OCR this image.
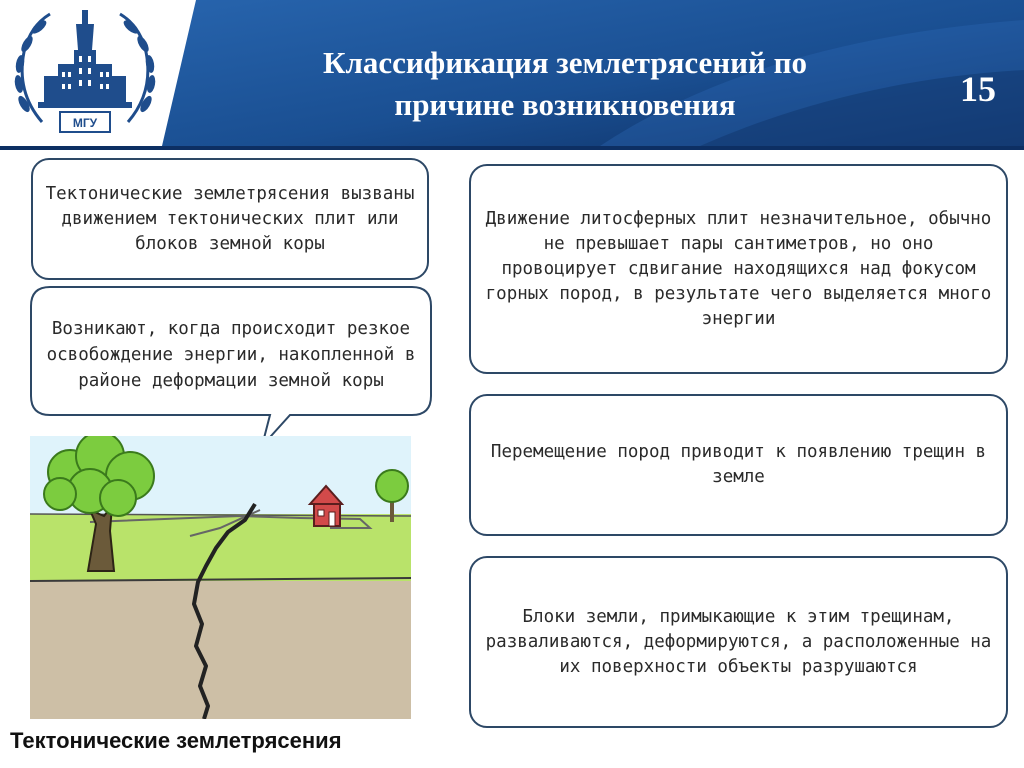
МГУ
Классификация землетрясений по
причине возникновения	15
Тектонические землетрясения вызваны движением тектонических плит или блоков земной коры
Возникают, когда происходит резкое освобождение энергии, накопленной в районе деформации земной коры
Тектонические землетрясения
Движение литосферных плит незначительное, обычно не превышает пары сантиметров, но оно провоцирует сдвигание находящихся над фокусом горных пород, в результате чего выделяется много энергии
Перемещение пород приводит к появлению трещин в земле
Блоки земли, примыкающие к этим трещинам, разваливаются, деформируются, а расположенные на их поверхности объекты разрушаются
